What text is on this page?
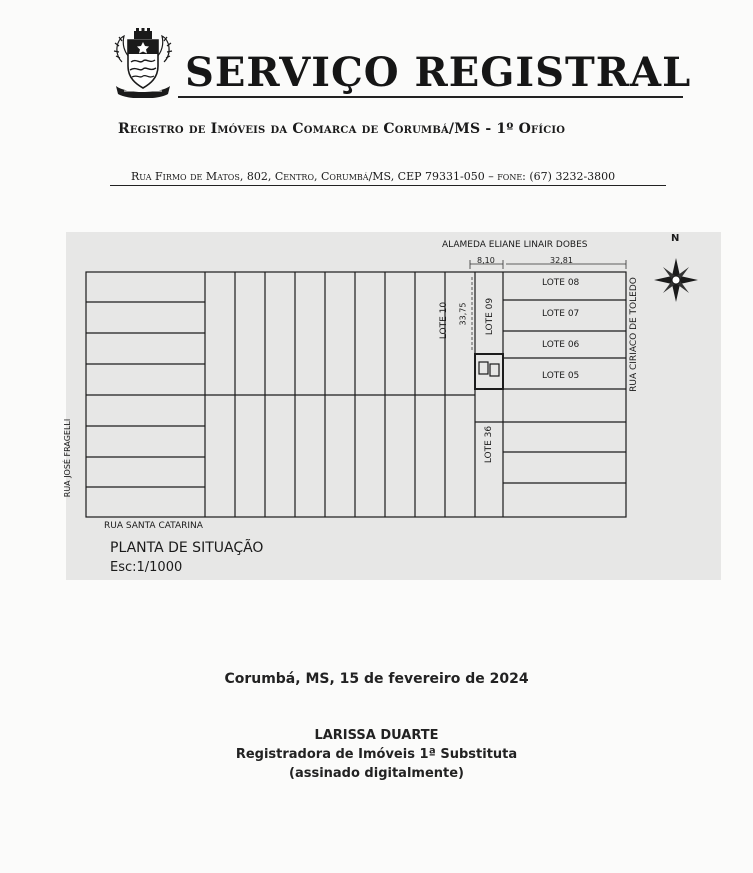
SERVIÇO REGISTRAL
Registro de Imóveis da Comarca de Corumbá/MS - 1º Ofício
Rua Firmo de Matos, 802, Centro, Corumbá/MS, CEP 79331-050 – fone: (67) 3232-3800
ALAMEDA ELIANE LINAIR DOBES
N
8,10	32,81
LOTE 08
LOTE 07
LOTE 06
LOTE 05
LOTE 10 33,75 LOTE 09
LOTE 36
RUA CIRIACO DE TOLEDO
RUA JOSÉ FRAGELLI
RUA SANTA CATARINA
PLANTA DE SITUAÇÃO
Esc:1/1000
Corumbá, MS, 15 de fevereiro de 2024
LARISSA DUARTE
Registradora de Imóveis 1ª Substituta
(assinado digitalmente)
